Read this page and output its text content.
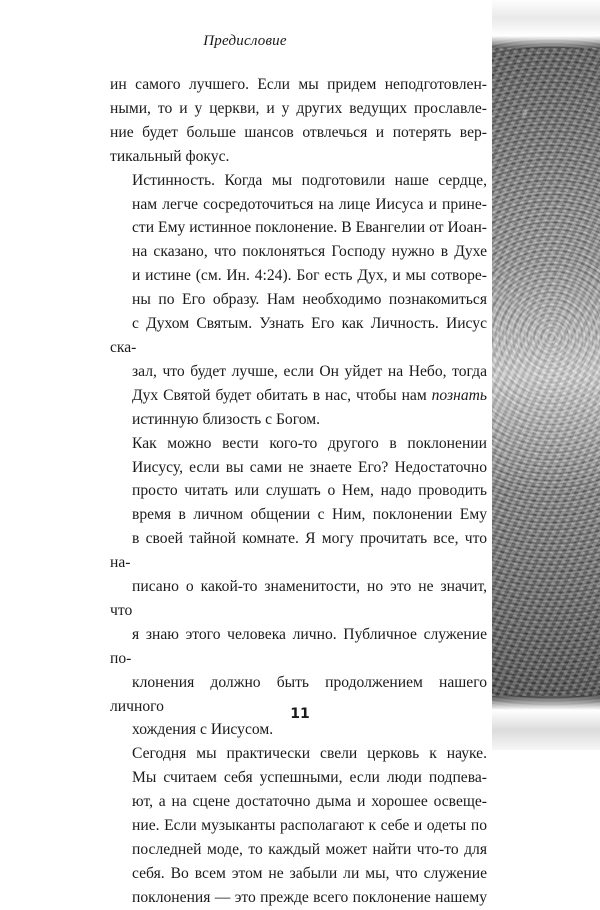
Предисловие

ин самого лучшего. Если мы придем неподготовлен-
ными, то и у церкви, и у других ведущих прославле-
ние будет больше шансов отвлечься и потерять вер-
тикальный фокус.

Истинность. Когда мы подготовили наше сердце,
нам легче сосредоточиться на лице Иисуса и прине-
сти Ему истинное поклонение. В Евангелии от Иоан-
на сказано, что поклоняться Господу нужно в Духе
и истине (см. Ин. 4:24). Бог есть Дух, и мы сотворе-
ны по Его образу. Нам необходимо познакомиться
с Духом Святым. Узнать Его как Личность. Иисус ска-
зал, что будет лучше, если Он уйдет на Небо, тогда
Дух Святой будет обитать в нас, чтобы нам познать
истинную близость с Богом.

Как можно вести кого-то другого в поклонении
Иисусу, если вы сами не знаете Его? Недостаточно
просто читать или слушать о Нем, надо проводить
время в личном общении с Ним, поклонении Ему
в своей тайной комнате. Я могу прочитать все, что на-
писано о какой-то знаменитости, но это не значит, что
я знаю этого человека лично. Публичное служение по-
клонения должно быть продолжением нашего личного
хождения с Иисусом.

Сегодня мы практически свели церковь к науке.
Мы считаем себя успешными, если люди подпева-
ют, а на сцене достаточно дыма и хорошее освеще-
ние. Если музыканты располагают к себе и одеты по
последней моде, то каждый может найти что-то для
себя. Во всем этом не забыли ли мы, что служение
поклонения — это прежде всего поклонение нашему

11
